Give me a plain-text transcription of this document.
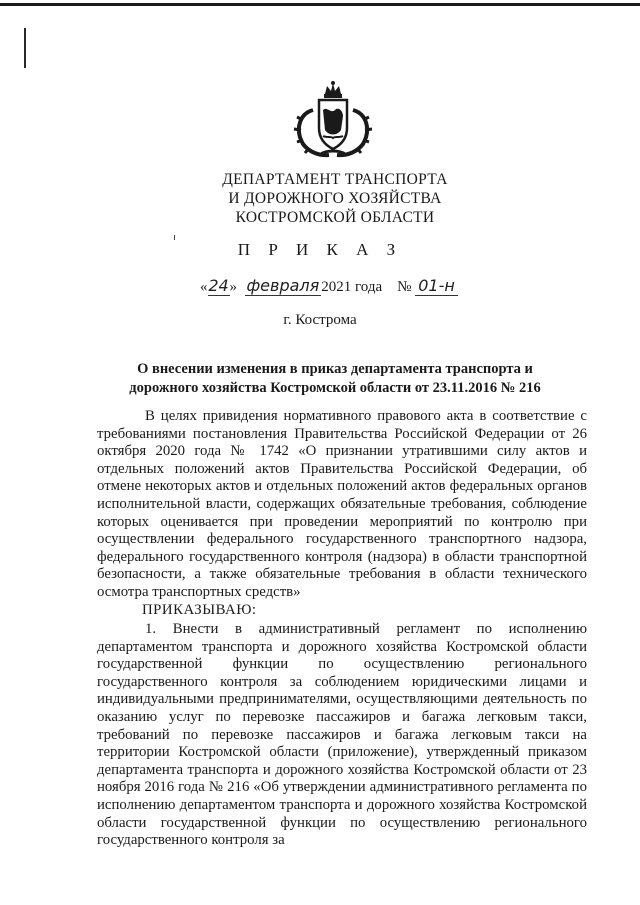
ДЕПАРТАМЕНТ ТРАНСПОРТА
И ДОРОЖНОГО ХОЗЯЙСТВА
КОСТРОМСКОЙ ОБЛАСТИ
П Р И К А З
«24» февраля 2021 года № 01-н
г. Кострома
О внесении изменения в приказ департамента транспорта и
дорожного хозяйства Костромской области от 23.11.2016 № 216

В целях привидения нормативного правового акта в соответствие с требованиями постановления Правительства Российской Федерации от 26 октября 2020 года № 1742 «О признании утратившими силу актов и отдельных положений актов Правительства Российской Федерации, об отмене некоторых актов и отдельных положений актов федеральных органов исполнительной власти, содержащих обязательные требования, соблюдение которых оценивается при проведении мероприятий по контролю при осуществлении федерального государственного транспортного надзора, федерального государственного контроля (надзора) в области транспортной безопасности, а также обязательные требования в области технического осмотра транспортных средств»

ПРИКАЗЫВАЮ:

1. Внести в административный регламент по исполнению департаментом транспорта и дорожного хозяйства Костромской области государственной функции по осуществлению регионального государственного контроля за соблюдением юридическими лицами и индивидуальными предпринимателями, осуществляющими деятельность по оказанию услуг по перевозке пассажиров и багажа легковым такси, требований по перевозке пассажиров и багажа легковым такси на территории Костромской области (приложение), утвержденный приказом департамента транспорта и дорожного хозяйства Костромской области от 23 ноября 2016 года № 216 «Об утверждении административного регламента по исполнению департаментом транспорта и дорожного хозяйства Костромской области государственной функции по осуществлению регионального государственного контроля за
